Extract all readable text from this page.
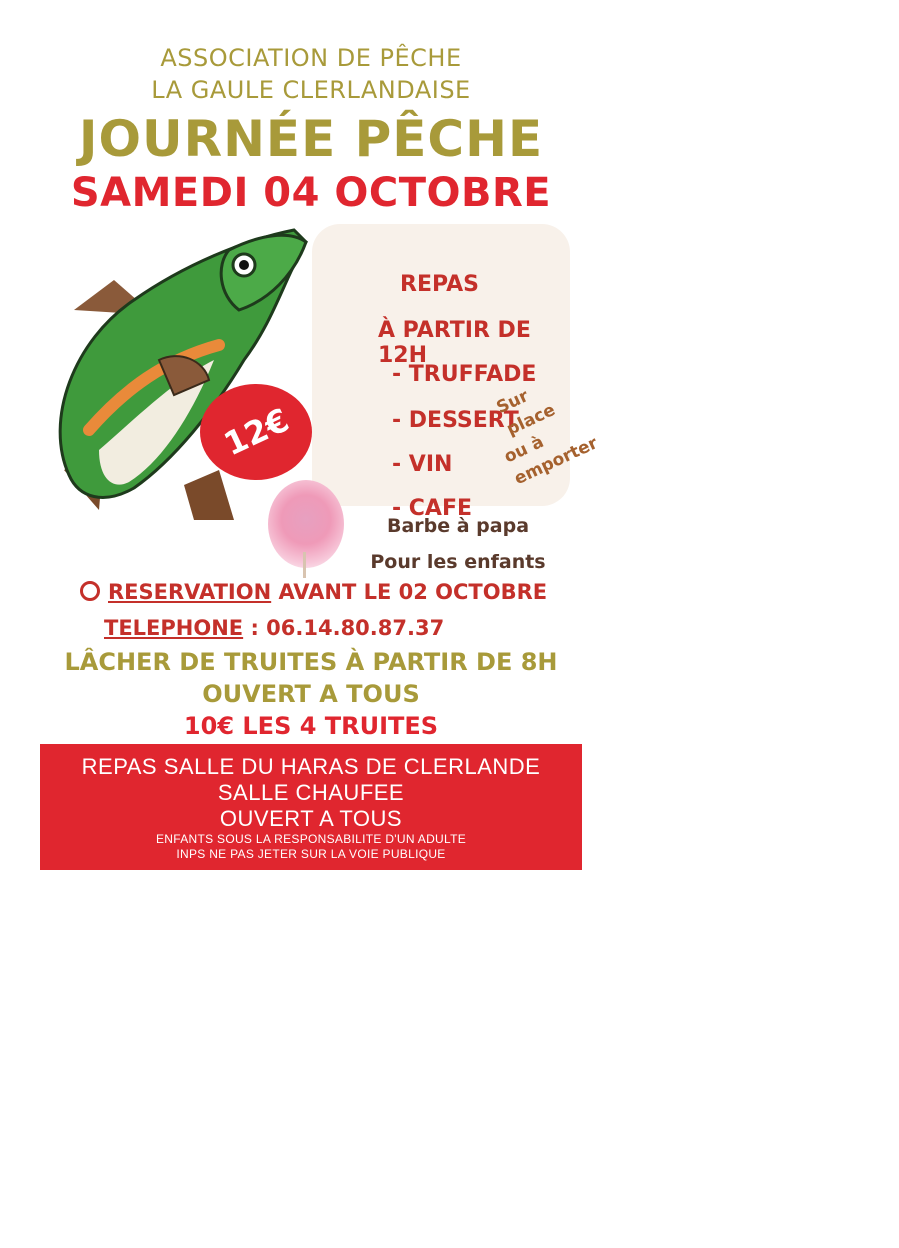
ASSOCIATION DE PÊCHE
LA GAULE CLERLANDAISE
JOURNÉE PÊCHE
SAMEDI 04 OCTOBRE
12€
REPAS
À PARTIR DE 12H
- TRUFFADE
- DESSERT
- VIN
- CAFE
Sur place
ou à emporter
Barbe à papa
Pour les enfants
RESERVATION AVANT LE 02 OCTOBRE
TELEPHONE : 06.14.80.87.37
LÂCHER DE TRUITES À PARTIR DE 8H
OUVERT A TOUS
10€ LES 4 TRUITES
REPAS SALLE DU HARAS DE CLERLANDE
SALLE CHAUFEE
OUVERT A TOUS
ENFANTS SOUS LA RESPONSABILITE D'UN ADULTE
INPS NE PAS JETER SUR LA VOIE PUBLIQUE
